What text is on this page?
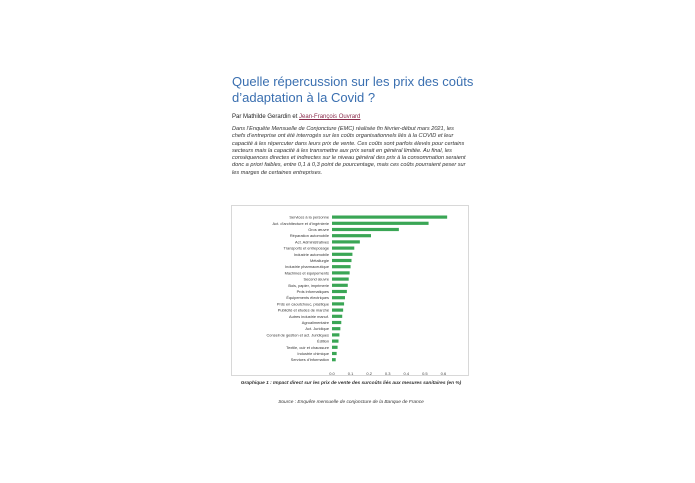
Quelle répercussion sur les prix des coûts d’adaptation à la Covid ?
Par Mathilde Gerardin et Jean-François Ouvrard

Dans l’Enquête Mensuelle de Conjoncture (EMC) réalisée fin février-début mars 2021, les chefs d’entreprise ont été interrogés sur les coûts organisationnels liés à la COVID et leur capacité à les répercuter dans leurs prix de vente. Ces coûts sont parfois élevés pour certains secteurs mais la capacité à les transmettre aux prix serait en général limitée. Au final, les conséquences directes et indirectes sur le niveau général des prix à la consommation seraient donc a priori faibles, entre 0,1 à 0,3 point de pourcentage, mais ces coûts pourraient peser sur les marges de certaines entreprises.

Services à la personne
Act. d’architecture et d’ingénierie
Gros œuvre
Réparation automobile
Act. Administratives
Transports et entreposage
Industrie automobile
Métallurgie
Industrie pharmaceutique
Machines et équipements
Second œuvre
Bois, papier, imprimerie
Prds informatiques
Équipements électriques
Prds en caoutchouc, plastique
Publicité et études de marché
Autres industrie manuf.
Agroalimentaire
Act. Juridique
Conseil de gestion et act. Juridiques
Édition
Textile, cuir et chaussure
Industrie chimique
Services d’information
0,0	0,1	0,2	0,3	0,4	0,5	0,6
Graphique 1 : Impact direct sur les prix de vente des surcoûts liés aux mesures sanitaires (en %)
Source : Enquête mensuelle de conjoncture de la Banque de France
